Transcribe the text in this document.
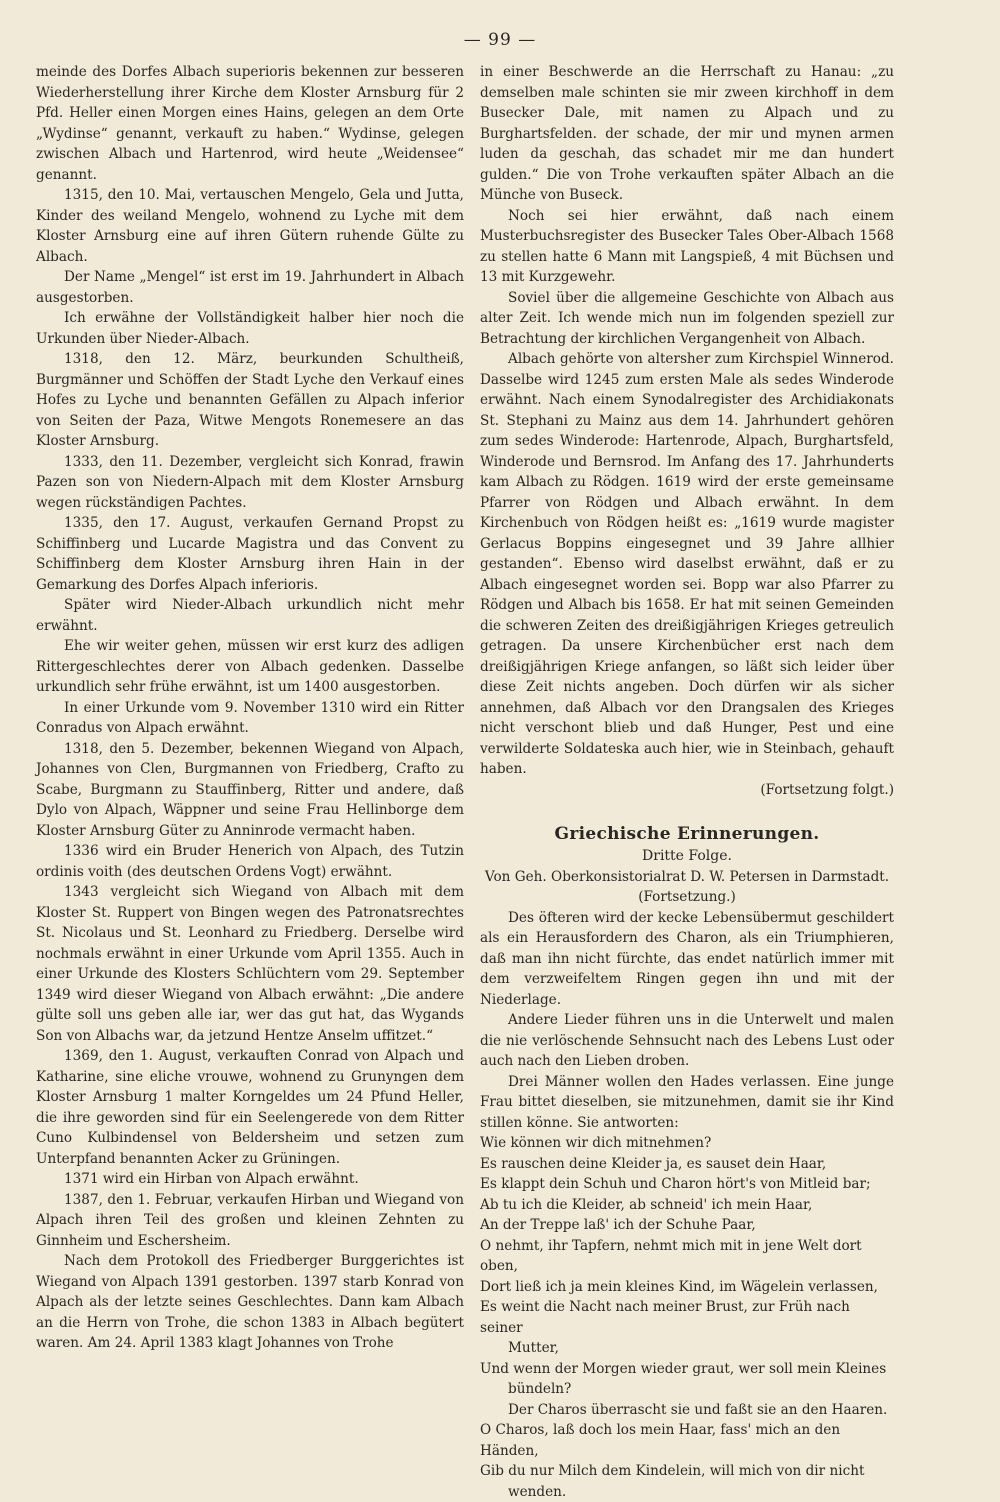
— 99 —

meinde des Dorfes Albach superioris bekennen zur besseren Wiederherstellung ihrer Kirche dem Kloster Arnsburg für 2 Pfd. Heller einen Morgen eines Hains, gelegen an dem Orte „Wydinse“ genannt, verkauft zu haben.“ Wydinse, gelegen zwischen Albach und Hartenrod, wird heute „Weidensee“ genannt.

1315, den 10. Mai, vertauschen Mengelo, Gela und Jutta, Kinder des weiland Mengelo, wohnend zu Lyche mit dem Kloster Arnsburg eine auf ihren Gütern ruhende Gülte zu Albach.

Der Name „Mengel“ ist erst im 19. Jahrhundert in Albach ausgestorben.

Ich erwähne der Vollständigkeit halber hier noch die Urkunden über Nieder-Albach.

1318, den 12. März, beurkunden Schultheiß, Burgmänner und Schöffen der Stadt Lyche den Verkauf eines Hofes zu Lyche und benannten Gefällen zu Alpach inferior von Seiten der Paza, Witwe Mengots Ronemesere an das Kloster Arnsburg.

1333, den 11. Dezember, vergleicht sich Konrad, frawin Pazen son von Niedern-Alpach mit dem Kloster Arnsburg wegen rückständigen Pachtes.

1335, den 17. August, verkaufen Gernand Propst zu Schiffinberg und Lucarde Magistra und das Convent zu Schiffinberg dem Kloster Arnsburg ihren Hain in der Gemarkung des Dorfes Alpach inferioris.

Später wird Nieder-Albach urkundlich nicht mehr erwähnt.

Ehe wir weiter gehen, müssen wir erst kurz des adligen Rittergeschlechtes derer von Albach gedenken. Dasselbe urkundlich sehr frühe erwähnt, ist um 1400 ausgestorben.

In einer Urkunde vom 9. November 1310 wird ein Ritter Conradus von Alpach erwähnt.

1318, den 5. Dezember, bekennen Wiegand von Alpach, Johannes von Clen, Burgmannen von Friedberg, Crafto zu Scabe, Burgmann zu Stauffinberg, Ritter und andere, daß Dylo von Alpach, Wäppner und seine Frau Hellinborge dem Kloster Arnsburg Güter zu Anninrode vermacht haben.

1336 wird ein Bruder Henerich von Alpach, des Tutzin ordinis voith (des deutschen Ordens Vogt) erwähnt.

1343 vergleicht sich Wiegand von Albach mit dem Kloster St. Ruppert von Bingen wegen des Patronatsrechtes St. Nicolaus und St. Leonhard zu Friedberg. Derselbe wird nochmals erwähnt in einer Urkunde vom April 1355. Auch in einer Urkunde des Klosters Schlüchtern vom 29. September 1349 wird dieser Wiegand von Albach erwähnt: „Die andere gülte soll uns geben alle iar, wer das gut hat, das Wygands Son von Albachs war, da jetzund Hentze Anselm uffitzet.“

1369, den 1. August, verkauften Conrad von Alpach und Katharine, sine eliche vrouwe, wohnend zu Grunyngen dem Kloster Arnsburg 1 malter Korngeldes um 24 Pfund Heller, die ihre geworden sind für ein Seelengerede von dem Ritter Cuno Kulbindensel von Beldersheim und setzen zum Unterpfand benannten Acker zu Grüningen.

1371 wird ein Hirban von Alpach erwähnt.

1387, den 1. Februar, verkaufen Hirban und Wiegand von Alpach ihren Teil des großen und kleinen Zehnten zu Ginnheim und Eschersheim.

Nach dem Protokoll des Friedberger Burggerichtes ist Wiegand von Alpach 1391 gestorben. 1397 starb Konrad von Alpach als der letzte seines Geschlechtes. Dann kam Albach an die Herrn von Trohe, die schon 1383 in Albach begütert waren. Am 24. April 1383 klagt Johannes von Trohe

in einer Beschwerde an die Herrschaft zu Hanau: „zu demselben male schinten sie mir zween kirchhoff in dem Busecker Dale, mit namen zu Alpach und zu Burghartsfelden. der schade, der mir und mynen armen luden da geschah, das schadet mir me dan hundert gulden.“ Die von Trohe verkauften später Albach an die Münche von Buseck.

Noch sei hier erwähnt, daß nach einem Musterbuchsregister des Busecker Tales Ober-Albach 1568 zu stellen hatte 6 Mann mit Langspieß, 4 mit Büchsen und 13 mit Kurzgewehr.

Soviel über die allgemeine Geschichte von Albach aus alter Zeit. Ich wende mich nun im folgenden speziell zur Betrachtung der kirchlichen Vergangenheit von Albach.

Albach gehörte von altersher zum Kirchspiel Winnerod. Dasselbe wird 1245 zum ersten Male als sedes Winderode erwähnt. Nach einem Synodalregister des Archidiakonats St. Stephani zu Mainz aus dem 14. Jahrhundert gehören zum sedes Winderode: Hartenrode, Alpach, Burghartsfeld, Winderode und Bernsrod. Im Anfang des 17. Jahrhunderts kam Albach zu Rödgen. 1619 wird der erste gemeinsame Pfarrer von Rödgen und Albach erwähnt. In dem Kirchenbuch von Rödgen heißt es: „1619 wurde magister Gerlacus Boppins eingesegnet und 39 Jahre allhier gestanden“. Ebenso wird daselbst erwähnt, daß er zu Albach eingesegnet worden sei. Bopp war also Pfarrer zu Rödgen und Albach bis 1658. Er hat mit seinen Gemeinden die schweren Zeiten des dreißigjährigen Krieges getreulich getragen. Da unsere Kirchenbücher erst nach dem dreißigjährigen Kriege anfangen, so läßt sich leider über diese Zeit nichts angeben. Doch dürfen wir als sicher annehmen, daß Albach vor den Drangsalen des Krieges nicht verschont blieb und daß Hunger, Pest und eine verwilderte Soldateska auch hier, wie in Steinbach, gehauft haben.

(Fortsetzung folgt.)

Griechische Erinnerungen.

Dritte Folge.

Von Geh. Oberkonsistorialrat D. W. Petersen in Darmstadt.

(Fortsetzung.)

Des öfteren wird der kecke Lebensübermut geschildert als ein Herausfordern des Charon, als ein Triumphieren, daß man ihn nicht fürchte, das endet natürlich immer mit dem verzweifeltem Ringen gegen ihn und mit der Niederlage.

Andere Lieder führen uns in die Unterwelt und malen die nie verlöschende Sehnsucht nach des Lebens Lust oder auch nach den Lieben droben.

Drei Männer wollen den Hades verlassen. Eine junge Frau bittet dieselben, sie mitzunehmen, damit sie ihr Kind stillen könne. Sie antworten:

Wie können wir dich mitnehmen?

Es rauschen deine Kleider ja, es sauset dein Haar,

Es klappt dein Schuh und Charon hört's von Mitleid bar;

Ab tu ich die Kleider, ab schneid' ich mein Haar,

An der Treppe laß' ich der Schuhe Paar,

O nehmt, ihr Tapfern, nehmt mich mit in jene Welt dort oben,

Dort ließ ich ja mein kleines Kind, im Wägelein verlassen,

Es weint die Nacht nach meiner Brust, zur Früh nach seiner

Mutter,

Und wenn der Morgen wieder graut, wer soll mein Kleines

bündeln?

Der Charos überrascht sie und faßt sie an den Haaren.

O Charos, laß doch los mein Haar, fass' mich an den Händen,

Gib du nur Milch dem Kindelein, will mich von dir nicht

wenden.
